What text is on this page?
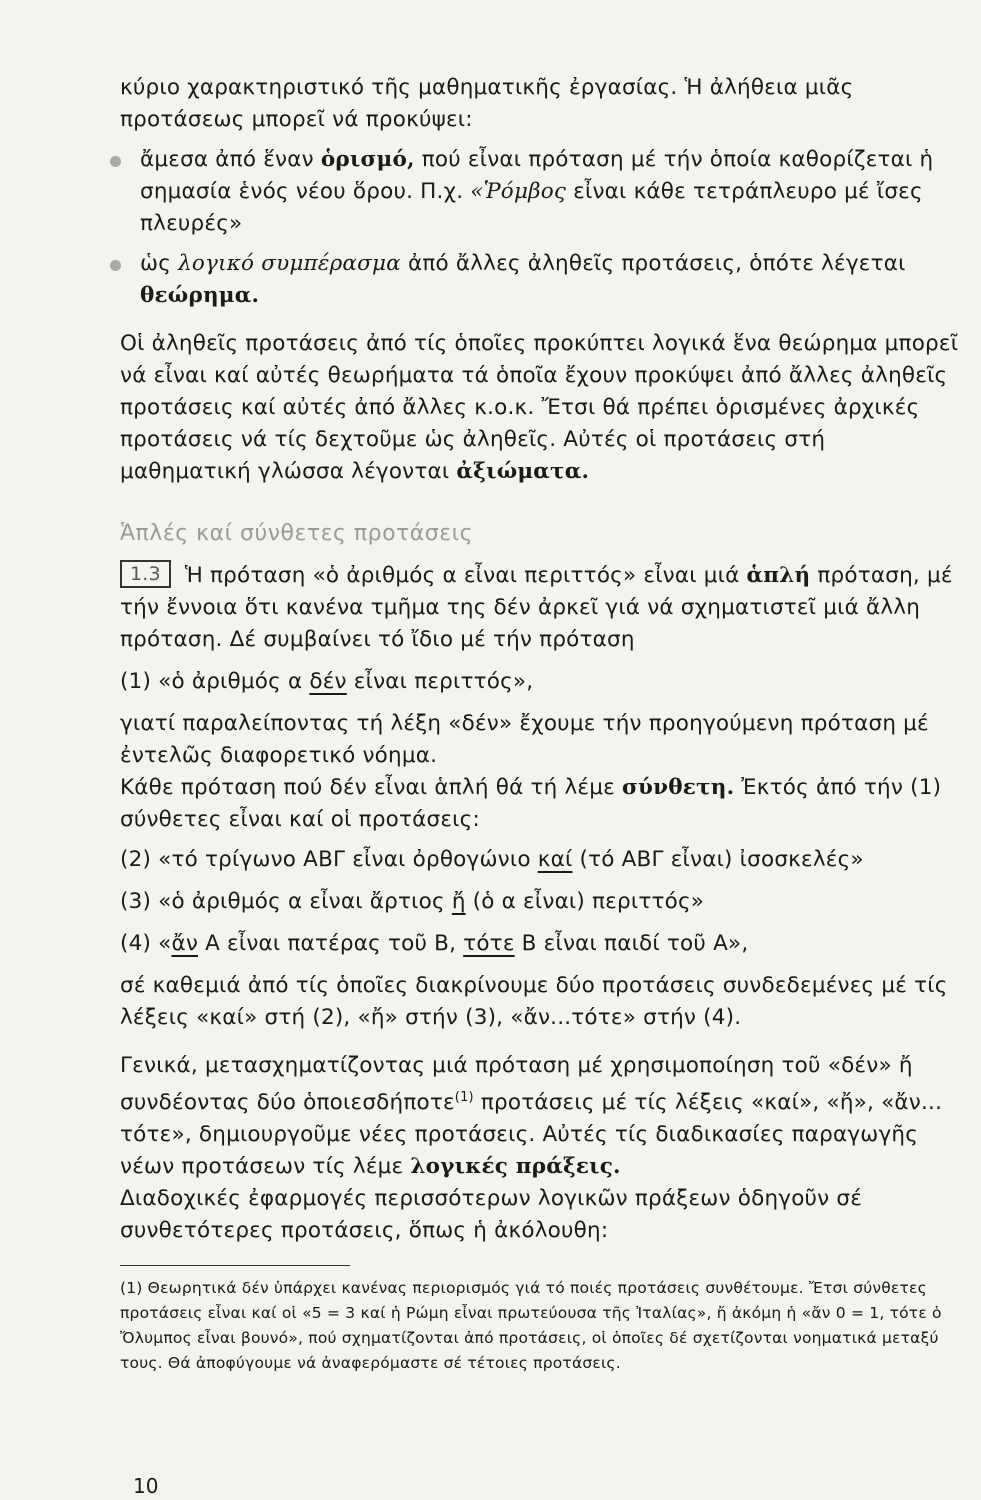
κύριο χαρακτηριστικό τῆς μαθηματικῆς ἐργασίας. Ἡ ἀλήθεια μιᾶς προτάσεως μπορεῖ νά προκύψει:

ἄμεσα ἀπό ἕναν ὁρισμό, πού εἶναι πρόταση μέ τήν ὁποία καθορίζεται ἡ σημασία ἑνός νέου ὅρου. Π.χ. «Ῥόμβος εἶναι κάθε τετράπλευρο μέ ἴσες πλευρές»

ὡς λογικό συμπέρασμα ἀπό ἄλλες ἀληθεῖς προτάσεις, ὁπότε λέγεται θεώρημα.

Οἱ ἀληθεῖς προτάσεις ἀπό τίς ὁποῖες προκύπτει λογικά ἕνα θεώρημα μπορεῖ νά εἶναι καί αὐτές θεωρήματα τά ὁποῖα ἔχουν προκύψει ἀπό ἄλλες ἀληθεῖς προτάσεις καί αὐτές ἀπό ἄλλες κ.ο.κ. Ἔτσι θά πρέπει ὁρισμένες ἀρχικές προτάσεις νά τίς δεχτοῦμε ὡς ἀληθεῖς. Αὐτές οἱ προτάσεις στή μαθηματική γλώσσα λέγονται ἀξιώματα.

Ἁπλές καί σύνθετες προτάσεις

1.3 Ἡ πρόταση «ὁ ἀριθμός α εἶναι περιττός» εἶναι μιά ἁπλή πρόταση, μέ τήν ἔννοια ὅτι κανένα τμῆμα της δέν ἀρκεῖ γιά νά σχηματιστεῖ μιά ἄλλη πρόταση. Δέ συμβαίνει τό ἴδιο μέ τήν πρόταση

(1) «ὁ ἀριθμός α δέν εἶναι περιττός»,

γιατί παραλείποντας τή λέξη «δέν» ἔχουμε τήν προηγούμενη πρόταση μέ ἐντελῶς διαφορετικό νόημα.

Κάθε πρόταση πού δέν εἶναι ἁπλή θά τή λέμε σύνθετη. Ἐκτός ἀπό τήν (1) σύνθετες εἶναι καί οἱ προτάσεις:

(2) «τό τρίγωνο ΑΒΓ εἶναι ὀρθογώνιο καί (τό ΑΒΓ εἶναι) ἰσοσκελές»

(3) «ὁ ἀριθμός α εἶναι ἄρτιος ἤ (ὁ α εἶναι) περιττός»

(4) «ἄν Α εἶναι πατέρας τοῦ Β, τότε Β εἶναι παιδί τοῦ Α»,

σέ καθεμιά ἀπό τίς ὁποῖες διακρίνουμε δύο προτάσεις συνδεδεμένες μέ τίς λέξεις «καί» στή (2), «ἤ» στήν (3), «ἄν...τότε» στήν (4).

Γενικά, μετασχηματίζοντας μιά πρόταση μέ χρησιμοποίηση τοῦ «δέν» ἤ συνδέοντας δύο ὁποιεσδήποτε$^{(1)}$ προτάσεις μέ τίς λέξεις «καί», «ἤ», «ἄν... τότε», δημιουργοῦμε νέες προτάσεις. Αὐτές τίς διαδικασίες παραγωγῆς νέων προτάσεων τίς λέμε λογικές πράξεις.

Διαδοχικές ἐφαρμογές περισσότερων λογικῶν πράξεων ὁδηγοῦν σέ συνθετότερες προτάσεις, ὅπως ἡ ἀκόλουθη:

(1) Θεωρητικά δέν ὑπάρχει κανένας περιορισμός γιά τό ποιές προτάσεις συνθέτουμε. Ἔτσι σύνθετες προτάσεις εἶναι καί οἱ «5 = 3 καί ἡ Ρώμη εἶναι πρωτεύουσα τῆς Ἰταλίας», ἤ ἀκόμη ἡ «ἄν 0 = 1, τότε ὁ Ὄλυμπος εἶναι βουνό», πού σχηματίζονται ἀπό προτάσεις, οἱ ὁποῖες δέ σχετίζονται νοηματικά μεταξύ τους. Θά ἀποφύγουμε νά ἀναφερόμαστε σέ τέτοιες προτάσεις.

10
